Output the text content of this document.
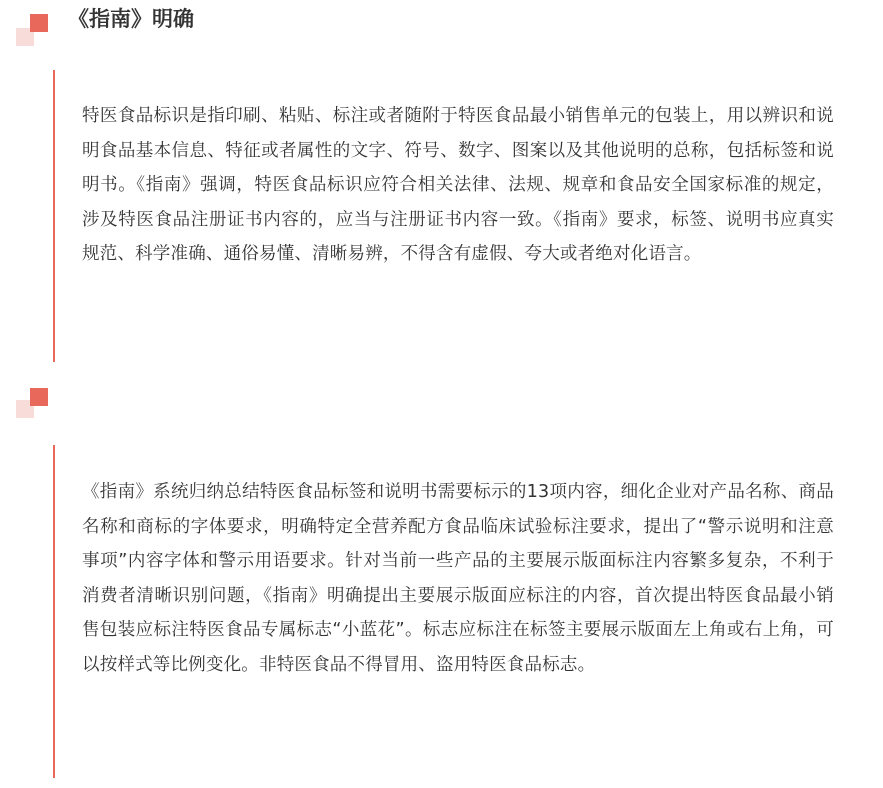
《指南》明确

特医食品标识是指印刷、粘贴、标注或者随附于特医食品最小销售单元的包装上，用以辨识和说明食品基本信息、特征或者属性的文字、符号、数字、图案以及其他说明的总称，包括标签和说明书。《指南》强调，特医食品标识应符合相关法律、法规、规章和食品安全国家标准的规定，涉及特医食品注册证书内容的，应当与注册证书内容一致。《指南》要求，标签、说明书应真实规范、科学准确、通俗易懂、清晰易辨，不得含有虚假、夸大或者绝对化语言。

《指南》系统归纳总结特医食品标签和说明书需要标示的13项内容，细化企业对产品名称、商品名称和商标的字体要求，明确特定全营养配方食品临床试验标注要求，提出了“警示说明和注意事项”内容字体和警示用语要求。针对当前一些产品的主要展示版面标注内容繁多复杂，不利于消费者清晰识别问题，《指南》明确提出主要展示版面应标注的内容，首次提出特医食品最小销售包装应标注特医食品专属标志“小蓝花”。标志应标注在标签主要展示版面左上角或右上角，可以按样式等比例变化。非特医食品不得冒用、盗用特医食品标志。
